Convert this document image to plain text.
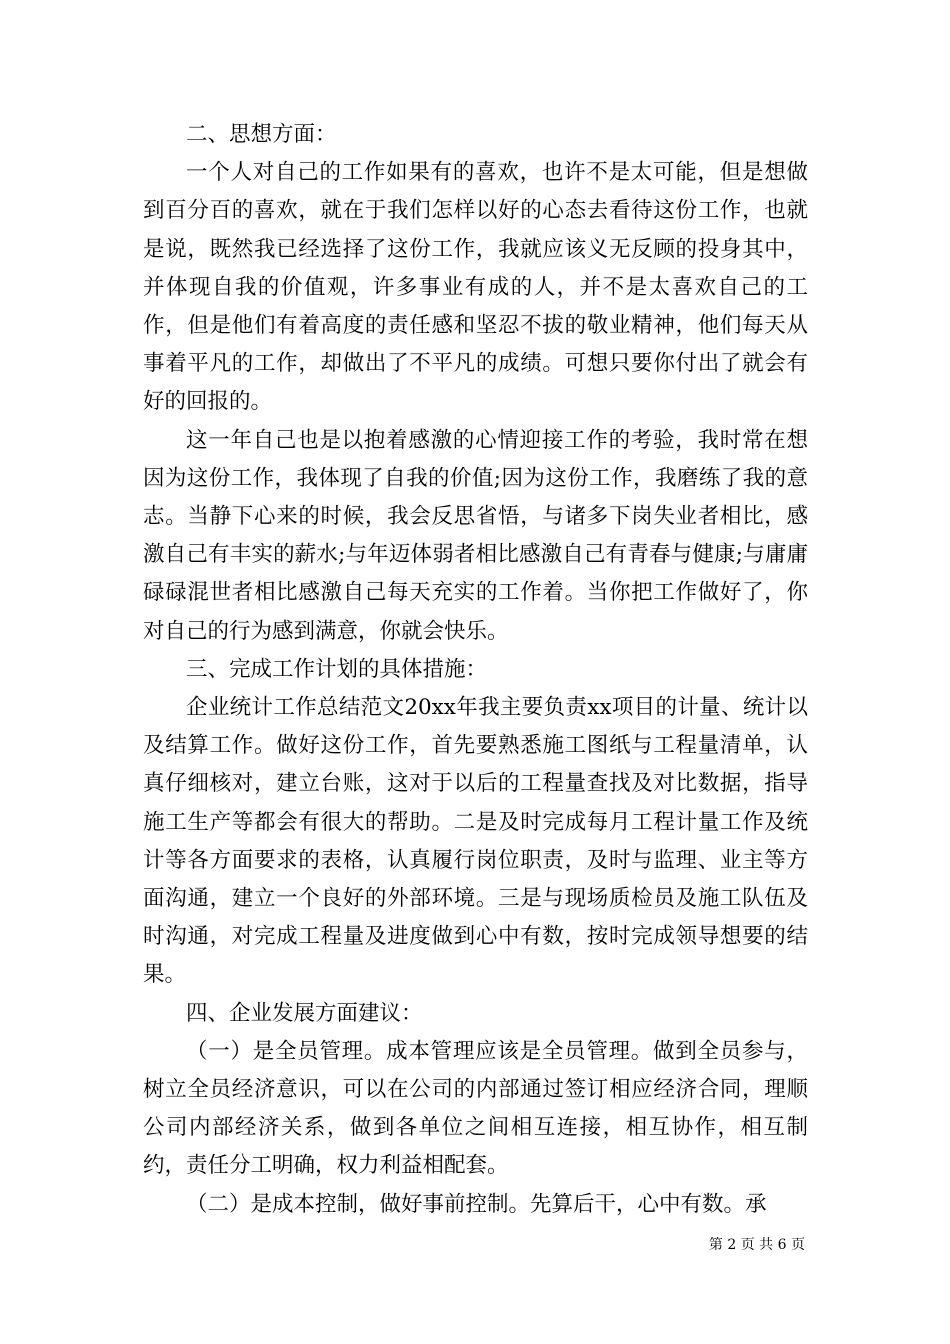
二、思想方面：

一个人对自己的工作如果有的喜欢，也许不是太可能，但是想做到百分百的喜欢，就在于我们怎样以好的心态去看待这份工作，也就是说，既然我已经选择了这份工作，我就应该义无反顾的投身其中，并体现自我的价值观，许多事业有成的人，并不是太喜欢自己的工作，但是他们有着高度的责任感和坚忍不拔的敬业精神，他们每天从事着平凡的工作，却做出了不平凡的成绩。可想只要你付出了就会有好的回报的。

这一年自己也是以抱着感激的心情迎接工作的考验，我时常在想因为这份工作，我体现了自我的价值;因为这份工作，我磨练了我的意志。当静下心来的时候，我会反思省悟，与诸多下岗失业者相比，感激自己有丰实的薪水;与年迈体弱者相比感激自己有青春与健康;与庸庸碌碌混世者相比感激自己每天充实的工作着。当你把工作做好了，你对自己的行为感到满意，你就会快乐。

三、完成工作计划的具体措施：

企业统计工作总结范文20xx年我主要负责xx项目的计量、统计以及结算工作。做好这份工作，首先要熟悉施工图纸与工程量清单，认真仔细核对，建立台账，这对于以后的工程量查找及对比数据，指导施工生产等都会有很大的帮助。二是及时完成每月工程计量工作及统计等各方面要求的表格，认真履行岗位职责，及时与监理、业主等方面沟通，建立一个良好的外部环境。三是与现场质检员及施工队伍及时沟通，对完成工程量及进度做到心中有数，按时完成领导想要的结果。

四、企业发展方面建议：

（一）是全员管理。成本管理应该是全员管理。做到全员参与，树立全员经济意识，可以在公司的内部通过签订相应经济合同，理顺公司内部经济关系，做到各单位之间相互连接，相互协作，相互制约，责任分工明确，权力利益相配套。

（二）是成本控制，做好事前控制。先算后干，心中有数。承

第 2 页 共 6 页
